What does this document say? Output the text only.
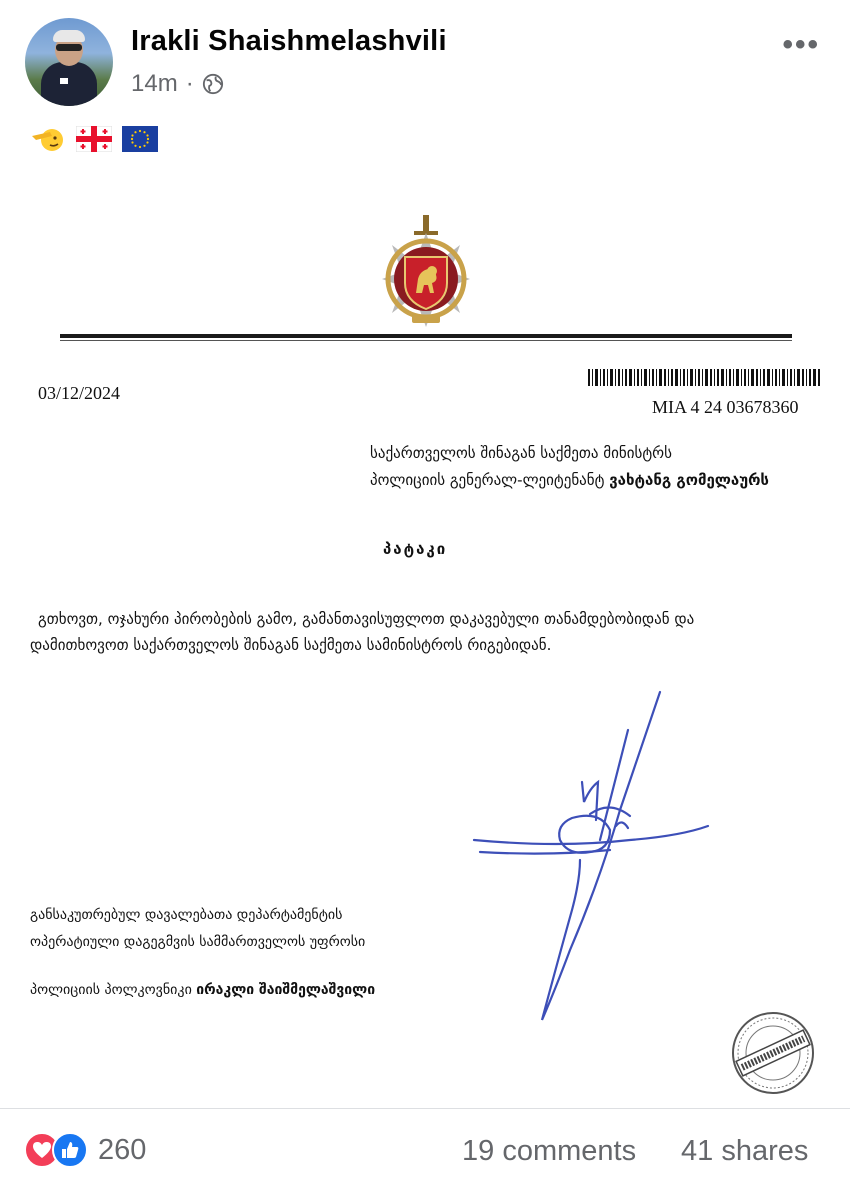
Irakli Shaishmelashvili
14m ·
•••
03/12/2024
MIA 4 24 03678360
საქართველოს შინაგან საქმეთა მინისტრს
პოლიციის გენერალ-ლეიტენანტ ვახტანგ გომელაურს
პატაკი
გთხოვთ, ოჯახური პირობების გამო, გამანთავისუფლოთ დაკავებული თანამდებობიდან და
დამითხოვოთ საქართველოს შინაგან საქმეთა სამინისტროს რიგებიდან.
განსაკუთრებულ დავალებათა დეპარტამენტის
ოპერატიული დაგეგმვის სამმართველოს უფროსი
პოლიციის პოლკოვნიკი ირაკლი შაიშმელაშვილი
260	19 comments 41 shares
